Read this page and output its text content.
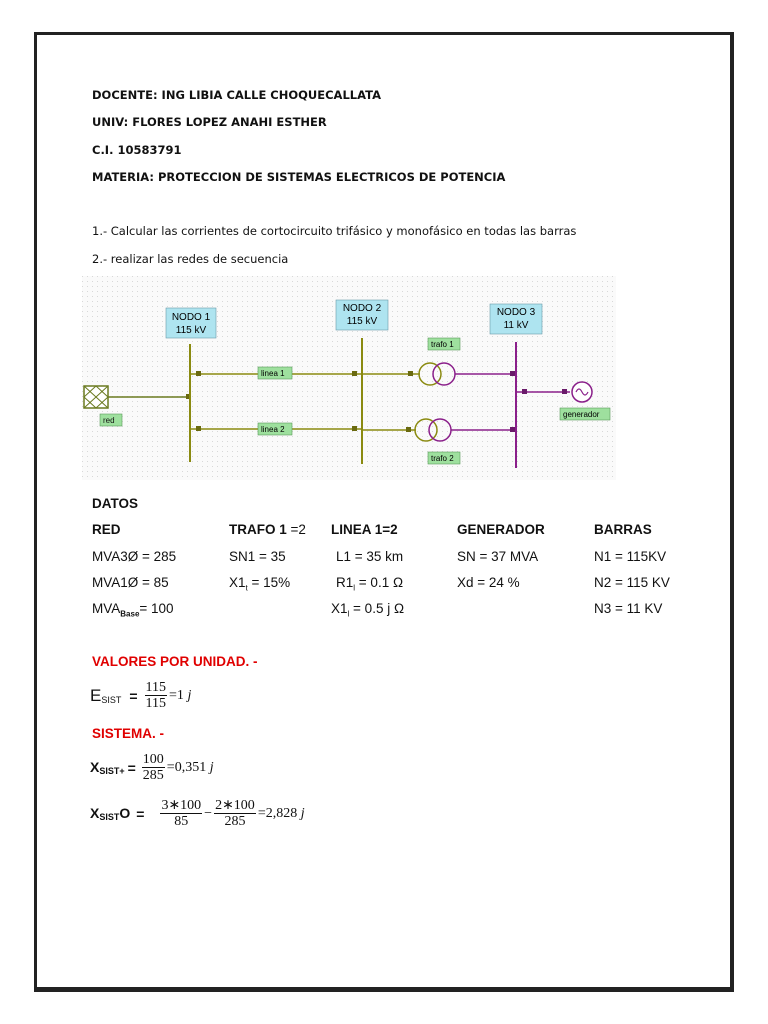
DOCENTE: ING LIBIA CALLE CHOQUECALLATA
UNIV: FLORES LOPEZ ANAHI ESTHER
C.I. 10583791
MATERIA: PROTECCION DE SISTEMAS ELECTRICOS DE POTENCIA
1.- Calcular las corrientes de cortocircuito trifásico y monofásico en todas las barras
2.- realizar las redes de secuencia
red
NODO 1
115 kV
NODO 2
115 kV
NODO 3
11 kV
linea 1
linea 2
trafo 1
trafo 2
generador
DATOS
RED
MVA3Ø = 285
MVA1Ø = 85
$MVA_{Base}= 100$
TRAFO 1 =2
SN1 = 35
$X1_t = 15\%$
LINEA 1=2
L1 = 35 km
$R1_l = 0.1$ Ω
$X1_l = 0.5$ j Ω
GENERADOR
SN = 37 MVA
Xd = 24 %
BARRAS
N1 = 115KV
N2 = 115 KV
N3 = 11 KV
VALORES POR UNIDAD. -
$E_{SIST} = \frac{115}{115} =1$
j
SISTEMA. -
$X_{SIST+} = \frac{100}{285} =0,351$
j
$X_{SIST}O = \frac{3∗100}{85} - \frac{2∗100}{285} =2,828$
j
